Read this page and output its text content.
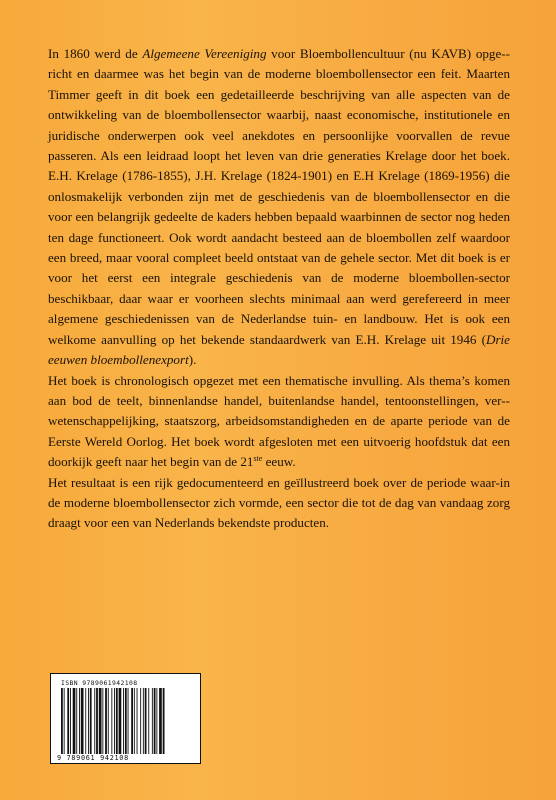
In 1860 werd de Algemeene Vereeniging voor Bloembollencultuur (nu KAVB) opge-richt en daarmee was het begin van de moderne bloembollensector een feit. Maarten Timmer geeft in dit boek een gedetailleerde beschrijving van alle aspecten van de ontwikkeling van de bloembollensector waarbij, naast economische, institutionele en juridische onderwerpen ook veel anekdotes en persoonlijke voorvallen de revue passeren. Als een leidraad loopt het leven van drie generaties Krelage door het boek. E.H. Krelage (1786-1855), J.H. Krelage (1824-1901) en E.H Krelage (1869-1956) die onlosmakelijk verbonden zijn met de geschiedenis van de bloembollensector en die voor een belangrijk gedeelte de kaders hebben bepaald waarbinnen de sector nog heden ten dage functioneert. Ook wordt aandacht besteed aan de bloembollen zelf waardoor een breed, maar vooral compleet beeld ontstaat van de gehele sector. Met dit boek is er voor het eerst een integrale geschiedenis van de moderne bloembollen-sector beschikbaar, daar waar er voorheen slechts minimaal aan werd gerefereerd in meer algemene geschiedenissen van de Nederlandse tuin- en landbouw. Het is ook een welkome aanvulling op het bekende standaardwerk van E.H. Krelage uit 1946 (Drie eeuwen bloembollenexport).

Het boek is chronologisch opgezet met een thematische invulling. Als thema’s komen aan bod de teelt, binnenlandse handel, buitenlandse handel, tentoonstellingen, ver-wetenschappelijking, staatszorg, arbeidsomstandigheden en de aparte periode van de Eerste Wereld Oorlog. Het boek wordt afgesloten met een uitvoerig hoofdstuk dat een doorkijk geeft naar het begin van de 21ste eeuw.

Het resultaat is een rijk gedocumenteerd en geïllustreerd boek over de periode waar-in de moderne bloembollensector zich vormde, een sector die tot de dag van vandaag zorg draagt voor een van Nederlands bekendste producten.

ISBN 9789061942108
9 789061 942108
